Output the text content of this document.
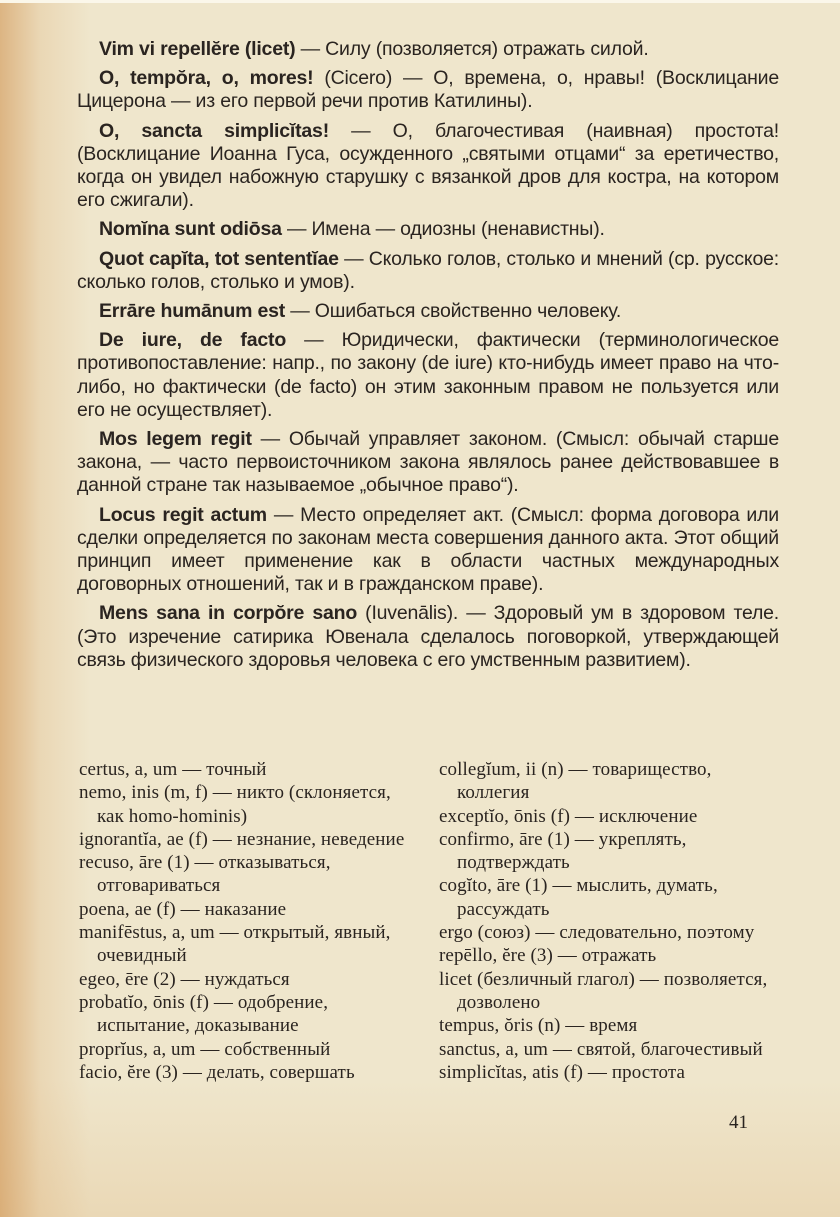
Vim vi repellĕre (licet) — Силу (позволяется) отражать силой.

O, tempŏra, o, mores! (Cicero) — О, времена, о, нравы! (Восклицание Цицерона — из его первой речи против Катилины).

O, sancta simplicĭtas! — О, благочестивая (наивная) простота! (Восклицание Иоанна Гуса, осужденного „святыми отцами“ за еретичество, когда он увидел набожную старушку с вязанкой дров для костра, на котором его сжигали).

Nomĭna sunt odiōsa — Имена — одиозны (ненавистны).

Quot capĭta, tot sententĭae — Сколько голов, столько и мнений (ср. русское: сколько голов, столько и умов).

Errāre humānum est — Ошибаться свойственно человеку.

De iure, de facto — Юридически, фактически (терминологическое противопоставление: напр., по закону (de iure) кто-нибудь имеет право на что-либо, но фактически (de facto) он этим законным правом не пользуется или его не осуществляет).

Mos legem regit — Обычай управляет законом. (Смысл: обычай старше закона, — часто первоисточником закона являлось ранее действовавшее в данной стране так называемое „обычное право“).

Locus regit actum — Место определяет акт. (Смысл: форма договора или сделки определяется по законам места совершения данного акта. Этот общий принцип имеет применение как в области частных международных договорных отношений, так и в гражданском праве).

Mens sana in corpŏre sano (Iuvenālis). — Здоровый ум в здоровом теле. (Это изречение сатирика Ювенала сделалось поговоркой, утверждающей связь физического здоровья человека с его умственным развитием).

certus, a, um — точный
nemo, inis (m, f) — никто (склоняется, как homo-hominis)
ignorantĭa, ae (f) — незнание, неведение
recuso, āre (1) — отказываться, отговариваться
poena, ae (f) — наказание
manifēstus, a, um — открытый, явный, очевидный
egeo, ēre (2) — нуждаться
probatĭo, ōnis (f) — одобрение, испытание, доказывание
proprĭus, a, um — собственный
facio, ĕre (3) — делать, совершать
collegĭum, ii (n) — товарищество, коллегия
exceptĭo, ōnis (f) — исключение
confirmo, āre (1) — укреплять, подтверждать
cogĭto, āre (1) — мыслить, думать, рассуждать
ergo (союз) — следовательно, поэтому
repēllo, ĕre (3) — отражать
licet (безличный глагол) — позволяется, дозволено
tempus, ŏris (n) — время
sanctus, a, um — святой, благочестивый
simplicĭtas, atis (f) — простота
41
